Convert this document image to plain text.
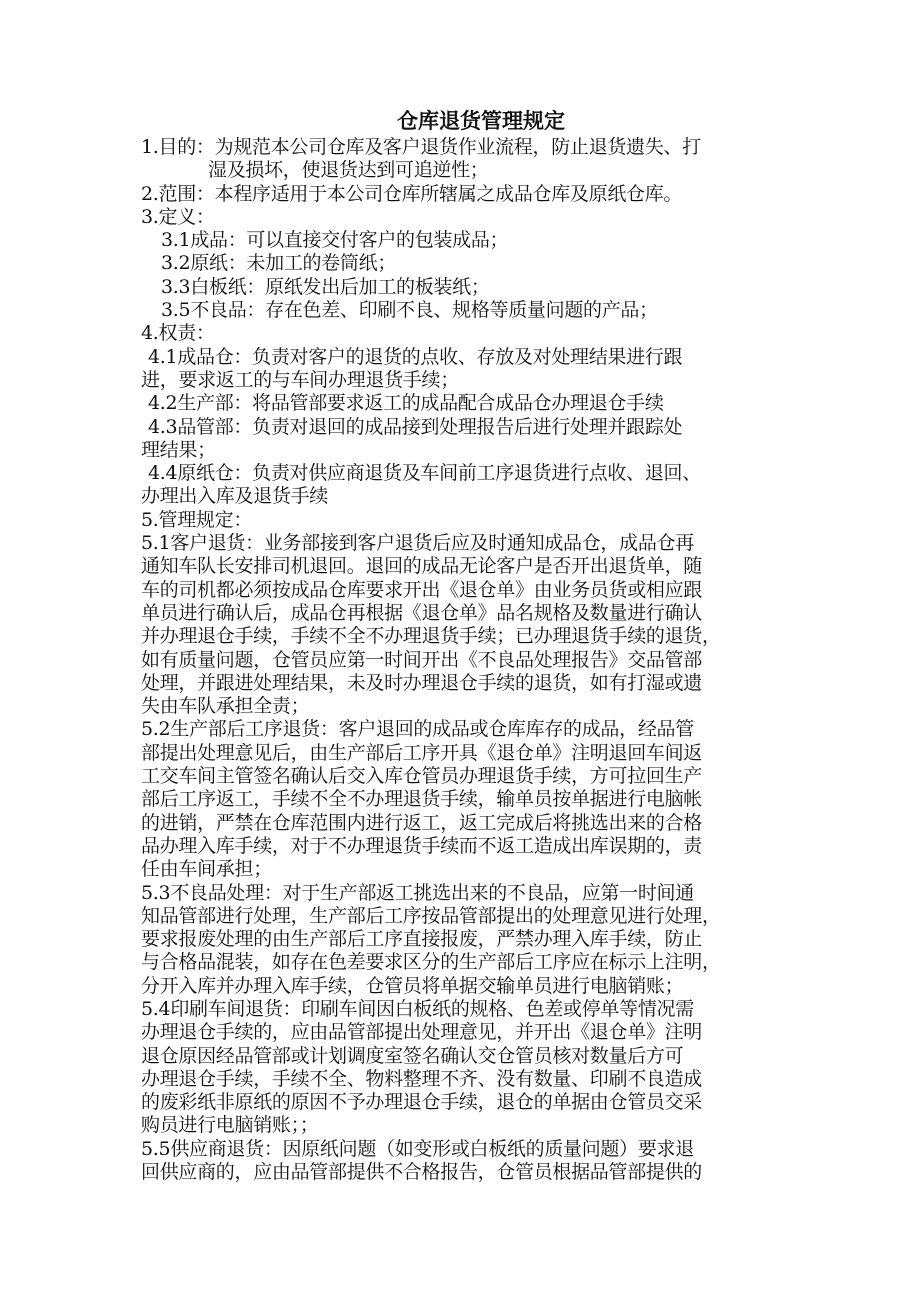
仓库退货管理规定
1.目的：为规范本公司仓库及客户退货作业流程，防止退货遗失、打
湿及损坏，使退货达到可追逆性；
2.范围：本程序适用于本公司仓库所辖属之成品仓库及原纸仓库。
3.定义：
3.1成品：可以直接交付客户的包装成品；
3.2原纸：未加工的卷筒纸；
3.3白板纸：原纸发出后加工的板装纸；
3.5不良品：存在色差、印刷不良、规格等质量问题的产品；
4.权责：
4.1成品仓：负责对客户的退货的点收、存放及对处理结果进行跟
进，要求返工的与车间办理退货手续；
4.2生产部：将品管部要求返工的成品配合成品仓办理退仓手续
4.3品管部：负责对退回的成品接到处理报告后进行处理并跟踪处
理结果；
4.4原纸仓：负责对供应商退货及车间前工序退货进行点收、退回、
办理出入库及退货手续
5.管理规定：
5.1客户退货：业务部接到客户退货后应及时通知成品仓，成品仓再
通知车队长安排司机退回。退回的成品无论客户是否开出退货单，随
车的司机都必须按成品仓库要求开出《退仓单》由业务员货或相应跟
单员进行确认后，成品仓再根据《退仓单》品名规格及数量进行确认
并办理退仓手续，手续不全不办理退货手续；已办理退货手续的退货，
如有质量问题，仓管员应第一时间开出《不良品处理报告》交品管部
处理，并跟进处理结果，未及时办理退仓手续的退货，如有打湿或遗
失由车队承担全责；
5.2生产部后工序退货：客户退回的成品或仓库库存的成品，经品管
部提出处理意见后，由生产部后工序开具《退仓单》注明退回车间返
工交车间主管签名确认后交入库仓管员办理退货手续，方可拉回生产
部后工序返工，手续不全不办理退货手续，输单员按单据进行电脑帐
的进销，严禁在仓库范围内进行返工，返工完成后将挑选出来的合格
品办理入库手续，对于不办理退货手续而不返工造成出库误期的，责
任由车间承担；
5.3不良品处理：对于生产部返工挑选出来的不良品，应第一时间通
知品管部进行处理，生产部后工序按品管部提出的处理意见进行处理，
要求报废处理的由生产部后工序直接报废，严禁办理入库手续，防止
与合格品混装，如存在色差要求区分的生产部后工序应在标示上注明，
分开入库并办理入库手续，仓管员将单据交输单员进行电脑销账；
5.4印刷车间退货：印刷车间因白板纸的规格、色差或停单等情况需
办理退仓手续的，应由品管部提出处理意见，并开出《退仓单》注明
退仓原因经品管部或计划调度室签名确认交仓管员核对数量后方可
办理退仓手续，手续不全、物料整理不齐、没有数量、印刷不良造成
的废彩纸非原纸的原因不予办理退仓手续，退仓的单据由仓管员交采
购员进行电脑销账；；
5.5供应商退货：因原纸问题（如变形或白板纸的质量问题）要求退
回供应商的，应由品管部提供不合格报告，仓管员根据品管部提供的
